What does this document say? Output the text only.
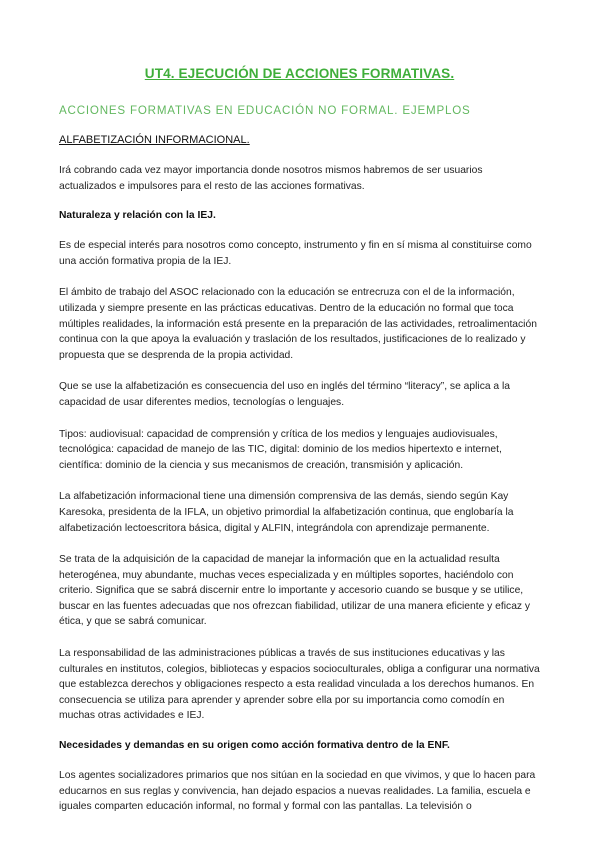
UT4. EJECUCIÓN DE ACCIONES FORMATIVAS.
ACCIONES FORMATIVAS EN EDUCACIÓN NO FORMAL. EJEMPLOS
ALFABETIZACIÓN INFORMACIONAL.

Irá cobrando cada vez mayor importancia donde nosotros mismos habremos de ser usuarios actualizados e impulsores para el resto de las acciones formativas.

Naturaleza y relación con la IEJ.

Es de especial interés para nosotros como concepto, instrumento y fin en sí misma al constituirse como una acción formativa propia de la IEJ.

El ámbito de trabajo del ASOC relacionado con la educación se entrecruza con el de la información, utilizada y siempre presente en las prácticas educativas. Dentro de la educación no formal que toca múltiples realidades, la información está presente en la preparación de las actividades, retroalimentación continua con la que apoya la evaluación y traslación de los resultados, justificaciones de lo realizado y propuesta que se desprenda de la propia actividad.

Que se use la alfabetización es consecuencia del uso en inglés del término “literacy”, se aplica a la capacidad de usar diferentes medios, tecnologías o lenguajes.

Tipos: audiovisual: capacidad de comprensión y crítica de los medios y lenguajes audiovisuales, tecnológica: capacidad de manejo de las TIC, digital: dominio de los medios hipertexto e internet, científica: dominio de la ciencia y sus mecanismos de creación, transmisión y aplicación.

La alfabetización informacional tiene una dimensión comprensiva de las demás, siendo según Kay Karesoka, presidenta de la IFLA, un objetivo primordial la alfabetización continua, que englobaría la alfabetización lectoescritora básica, digital y ALFIN, integrándola con aprendizaje permanente.

Se trata de la adquisición de la capacidad de manejar la información que en la actualidad resulta heterogénea, muy abundante, muchas veces especializada y en múltiples soportes, haciéndolo con criterio. Significa que se sabrá discernir entre lo importante y accesorio cuando se busque y se utilice, buscar en las fuentes adecuadas que nos ofrezcan fiabilidad, utilizar de una manera eficiente y eficaz y ética, y que se sabrá comunicar.

La responsabilidad de las administraciones públicas a través de sus instituciones educativas y las culturales en institutos, colegios, bibliotecas y espacios socioculturales, obliga a configurar una normativa que establezca derechos y obligaciones respecto a esta realidad vinculada a los derechos humanos. En consecuencia se utiliza para aprender y aprender sobre ella por su importancia como comodín en muchas otras actividades e IEJ.

Necesidades y demandas en su origen como acción formativa dentro de la ENF.

Los agentes socializadores primarios que nos sitúan en la sociedad en que vivimos, y que lo hacen para educarnos en sus reglas y convivencia, han dejado espacios a nuevas realidades. La familia, escuela e iguales comparten educación informal, no formal y formal con las pantallas. La televisión o
